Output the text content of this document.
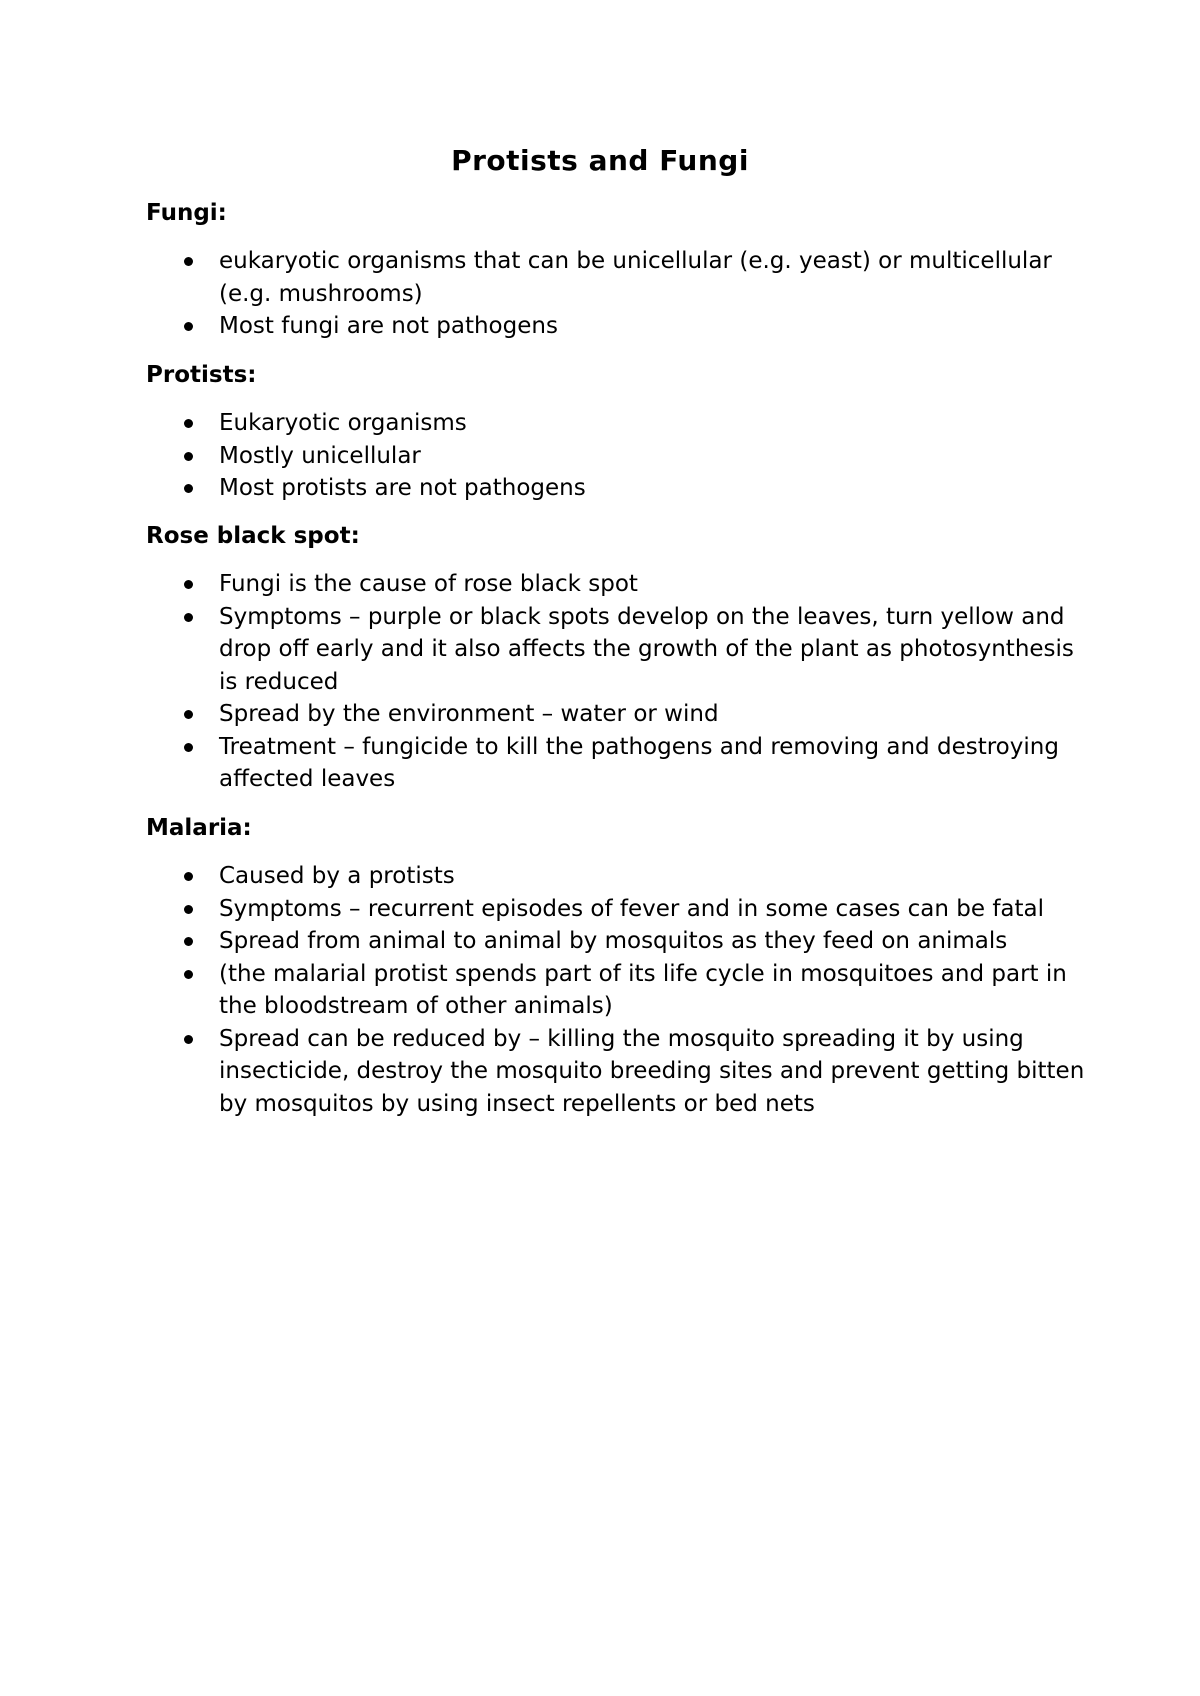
Protists and Fungi
Fungi:
eukaryotic organisms that can be unicellular (e.g. yeast) or multicellular (e.g. mushrooms)
Most fungi are not pathogens
Protists:
Eukaryotic organisms
Mostly unicellular
Most protists are not pathogens
Rose black spot:
Fungi is the cause of rose black spot
Symptoms – purple or black spots develop on the leaves, turn yellow and drop off early and it also affects the growth of the plant as photosynthesis is reduced
Spread by the environment – water or wind
Treatment – fungicide to kill the pathogens and removing and destroying affected leaves
Malaria:
Caused by a protists
Symptoms – recurrent episodes of fever and in some cases can be fatal
Spread from animal to animal by mosquitos as they feed on animals
(the malarial protist spends part of its life cycle in mosquitoes and part in the bloodstream of other animals)
Spread can be reduced by – killing the mosquito spreading it by using insecticide, destroy the mosquito breeding sites and prevent getting bitten by mosquitos by using insect repellents or bed nets
